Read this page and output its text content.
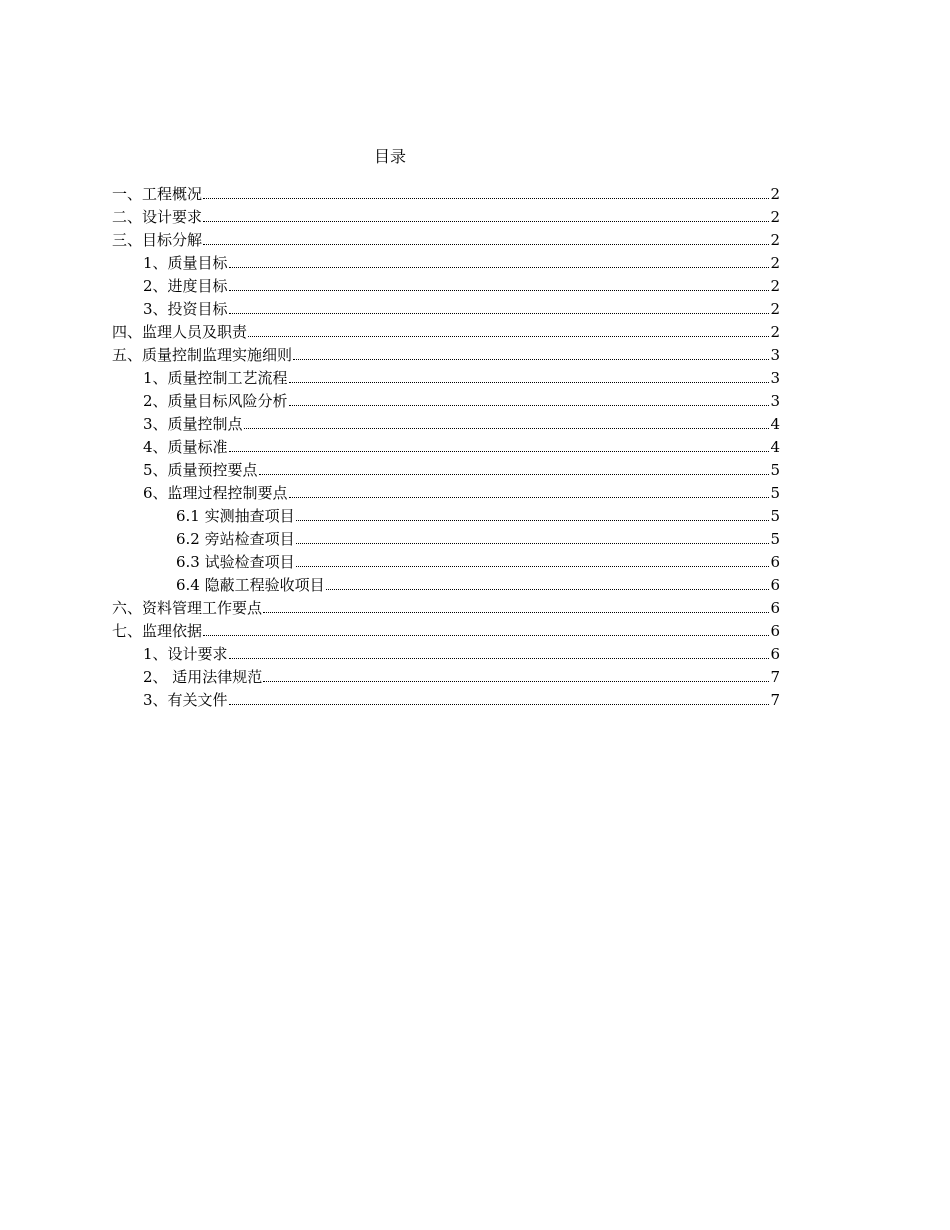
目录
一、工程概况	2
二、设计要求	2
三、目标分解	2
1、质量目标	2
2、进度目标	2
3、投资目标	2
四、监理人员及职责	2
五、质量控制监理实施细则	3
1、质量控制工艺流程	3
2、质量目标风险分析	3
3、质量控制点	4
4、质量标准	4
5、质量预控要点	5
6、监理过程控制要点	5
6.1 实测抽查项目	5
6.2 旁站检查项目	5
6.3 试验检查项目	6
6.4 隐蔽工程验收项目	6
六、资料管理工作要点	6
七、监理依据	6
1、设计要求	6
2、 适用法律规范	7
3、有关文件	7
